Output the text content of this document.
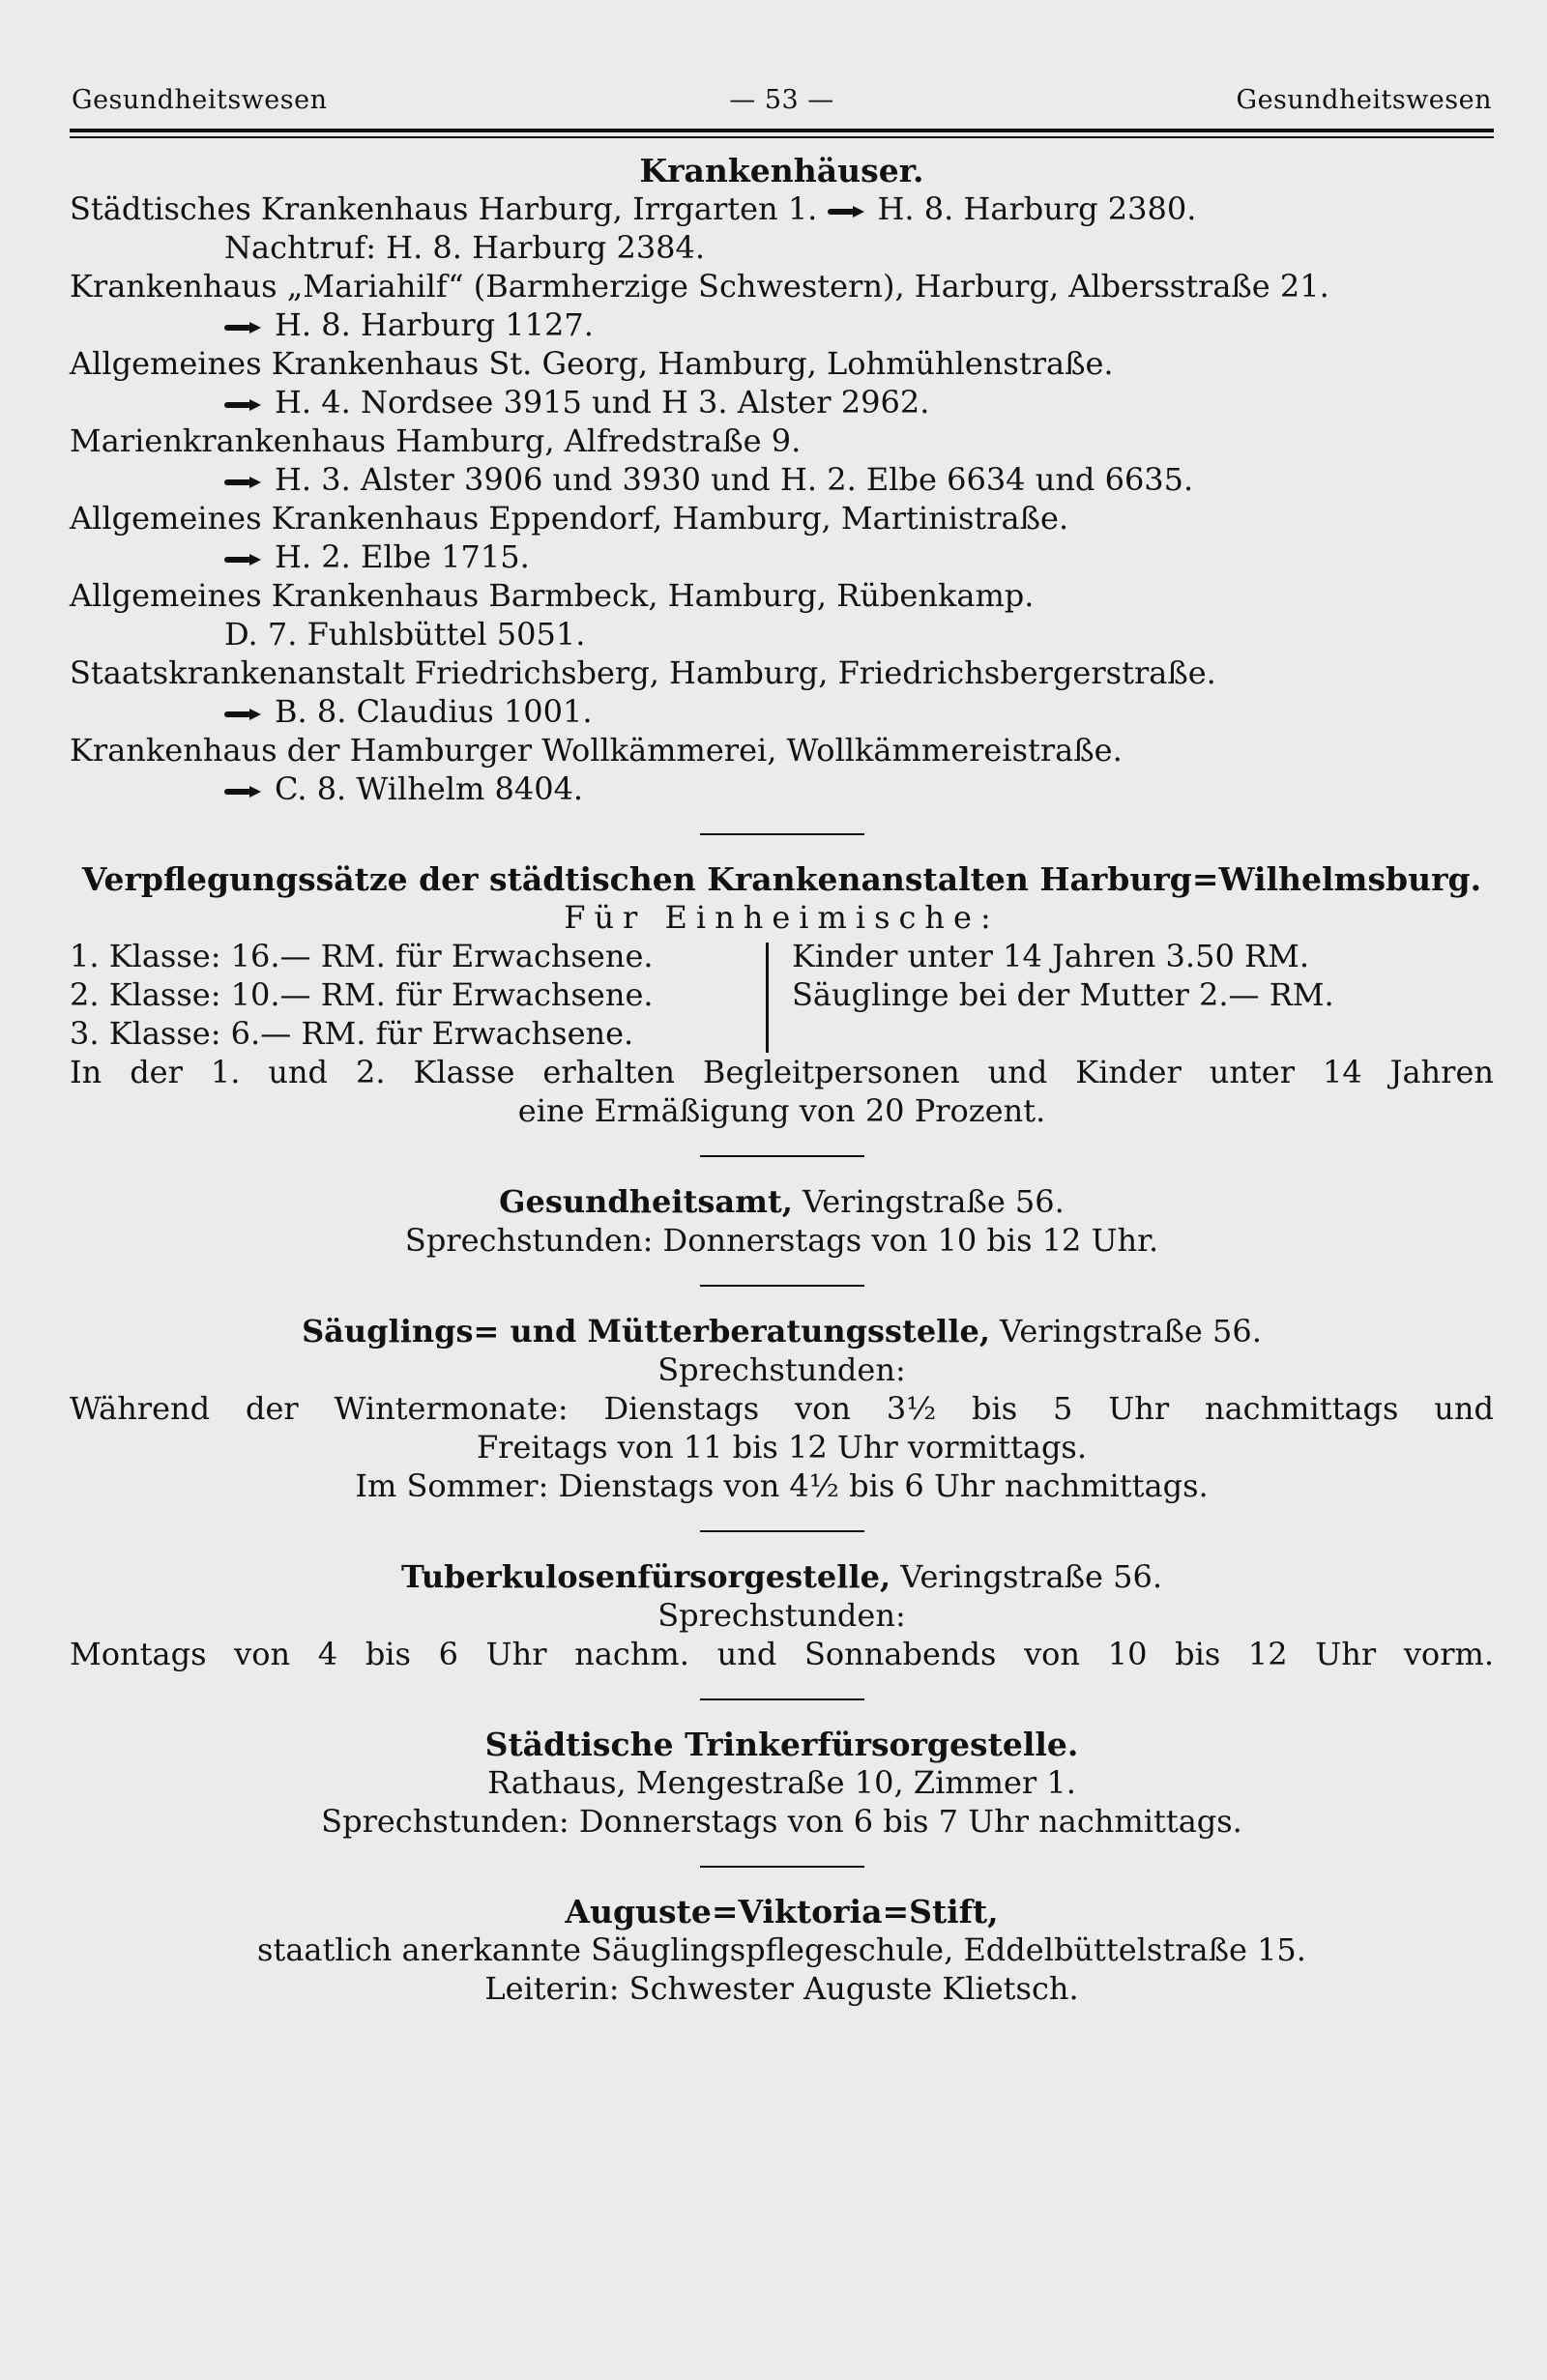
Gesundheitswesen	— 53 —	Gesundheitswesen
Krankenhäuser.
Städtisches Krankenhaus Harburg, Irrgarten 1. H. 8. Harburg 2380.
Nachtruf: H. 8. Harburg 2384.
Krankenhaus „Mariahilf“ (Barmherzige Schwestern), Harburg, Albersstraße 21.
H. 8. Harburg 1127.
Allgemeines Krankenhaus St. Georg, Hamburg, Lohmühlenstraße.
H. 4. Nordsee 3915 und H 3. Alster 2962.
Marienkrankenhaus Hamburg, Alfredstraße 9.
H. 3. Alster 3906 und 3930 und H. 2. Elbe 6634 und 6635.
Allgemeines Krankenhaus Eppendorf, Hamburg, Martinistraße.
H. 2. Elbe 1715.
Allgemeines Krankenhaus Barmbeck, Hamburg, Rübenkamp.
D. 7. Fuhlsbüttel 5051.
Staatskrankenanstalt Friedrichsberg, Hamburg, Friedrichsbergerstraße.
B. 8. Claudius 1001.
Krankenhaus der Hamburger Wollkämmerei, Wollkämmereistraße.
C. 8. Wilhelm 8404.
Verpflegungssätze der städtischen Krankenanstalten Harburg=Wilhelmsburg.
Für Einheimische:
1. Klasse: 16.— RM. für Erwachsene.
2. Klasse: 10.— RM. für Erwachsene.
3. Klasse: 6.— RM. für Erwachsene.
Kinder unter 14 Jahren 3.50 RM.
Säuglinge bei der Mutter 2.— RM.
In der 1. und 2. Klasse erhalten Begleitpersonen und Kinder unter 14 Jahren
eine Ermäßigung von 20 Prozent.
Gesundheitsamt, Veringstraße 56.
Sprechstunden: Donnerstags von 10 bis 12 Uhr.
Säuglings= und Mütterberatungsstelle, Veringstraße 56.
Sprechstunden:
Während der Wintermonate: Dienstags von 3½ bis 5 Uhr nachmittags und
Freitags von 11 bis 12 Uhr vormittags.
Im Sommer: Dienstags von 4½ bis 6 Uhr nachmittags.
Tuberkulosenfürsorgestelle, Veringstraße 56.
Sprechstunden:
Montags von 4 bis 6 Uhr nachm. und Sonnabends von 10 bis 12 Uhr vorm.
Städtische Trinkerfürsorgestelle.
Rathaus, Mengestraße 10, Zimmer 1.
Sprechstunden: Donnerstags von 6 bis 7 Uhr nachmittags.
Auguste=Viktoria=Stift,
staatlich anerkannte Säuglingspflegeschule, Eddelbüttelstraße 15.
Leiterin: Schwester Auguste Klietsch.
